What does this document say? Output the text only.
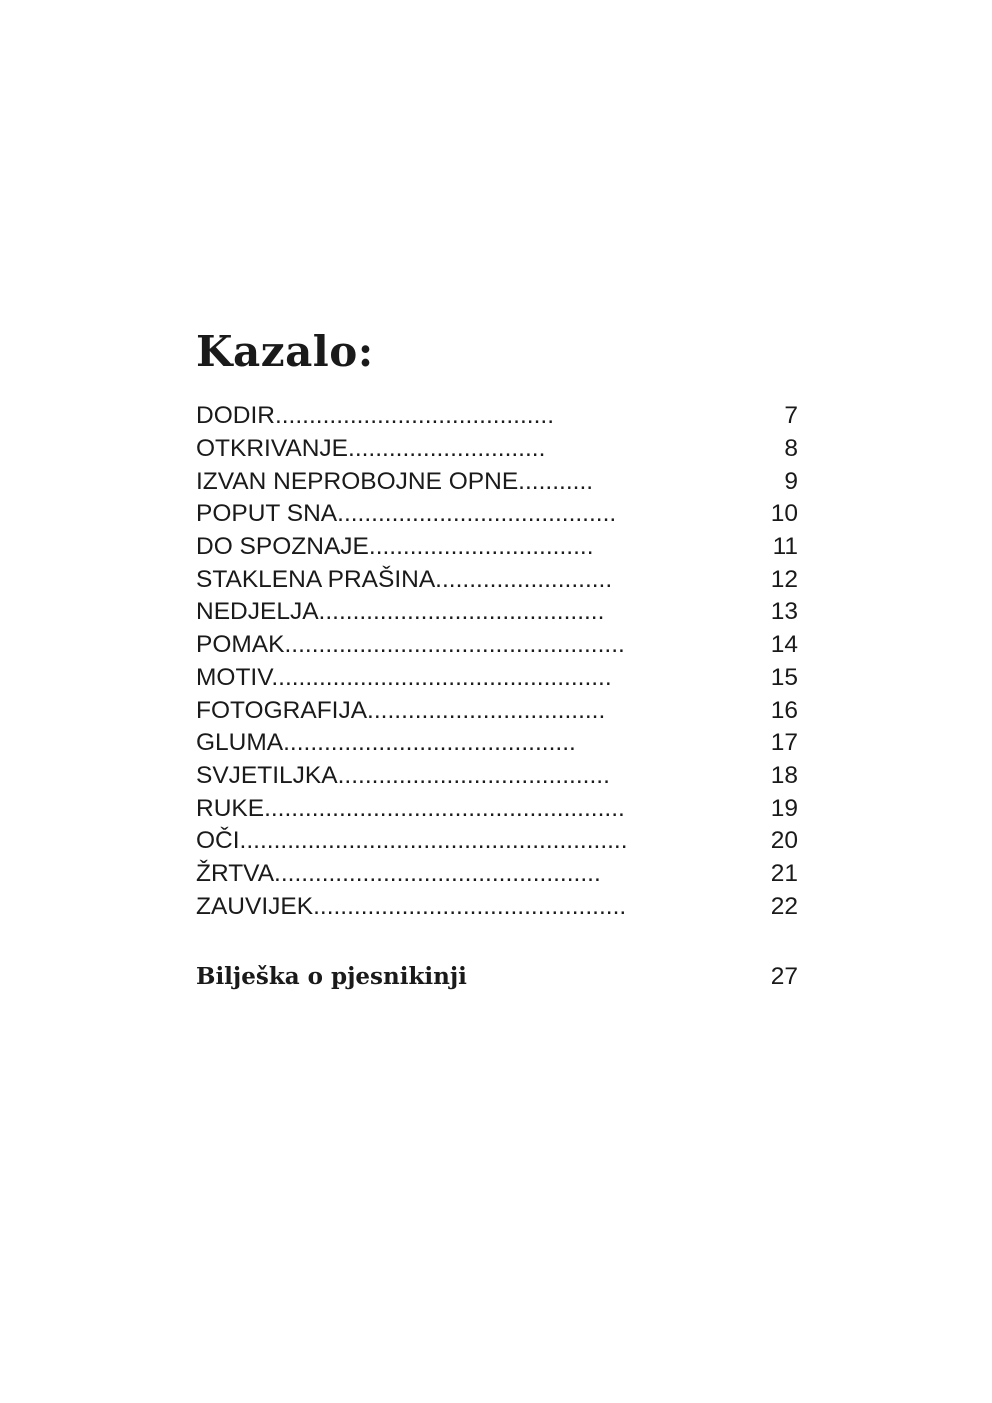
Kazalo:
DODIR.........................................	7
OTKRIVANJE.............................	8
IZVAN NEPROBOJNE OPNE...........	9
POPUT SNA.........................................	10
DO SPOZNAJE.................................	11
STAKLENA PRAŠINA..........................	12
NEDJELJA..........................................	13
POMAK..................................................	14
MOTIV..................................................	15
FOTOGRAFIJA...................................	16
GLUMA...........................................	17
SVJETILJKA........................................	18
RUKE.....................................................	19
OČI.........................................................	20
ŽRTVA................................................	21
ZAUVIJEK..............................................	22
Bilješka o pjesnikinji	27
